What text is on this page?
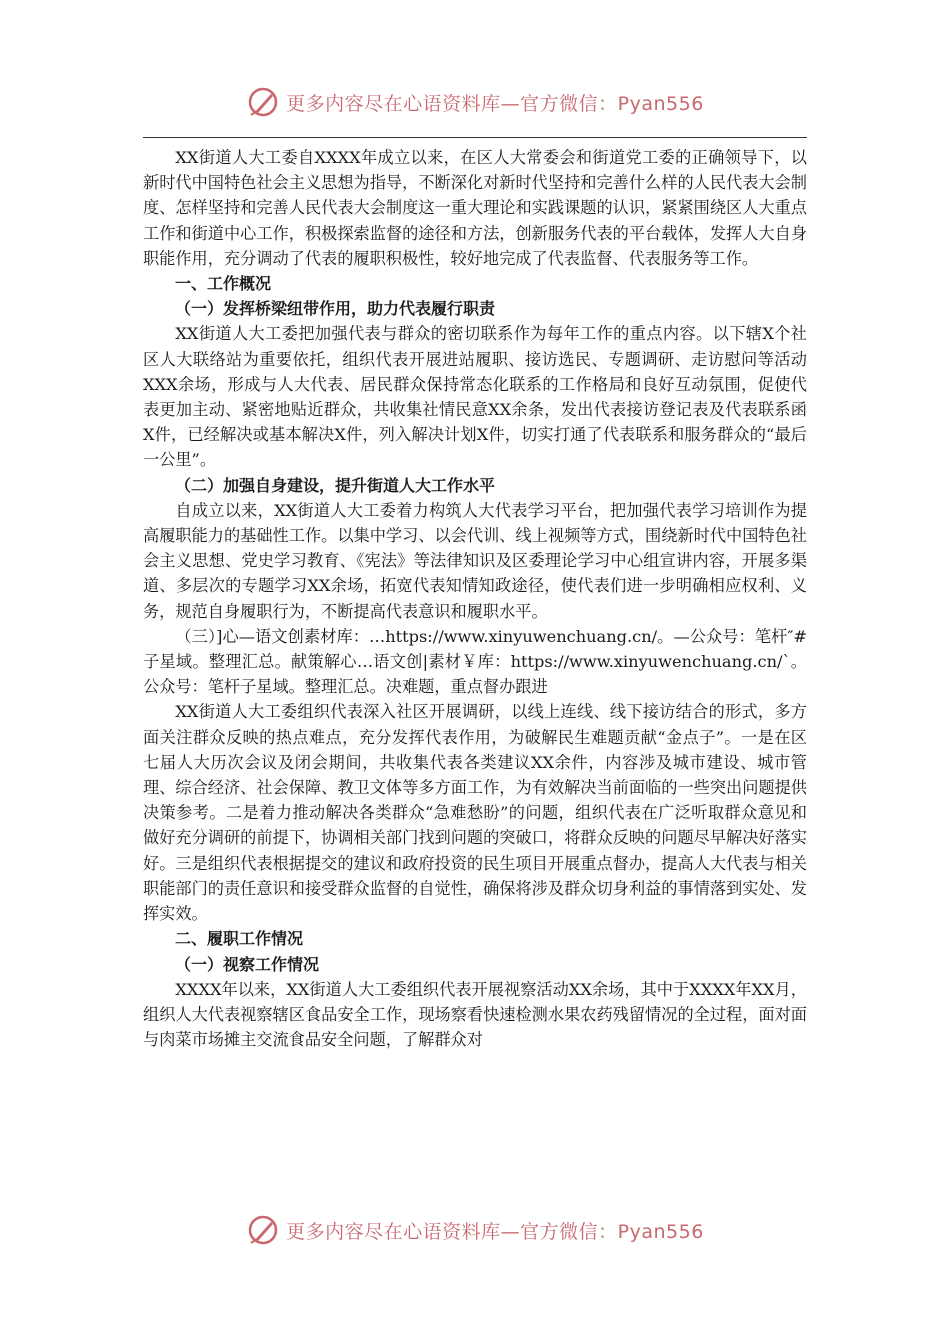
更多内容尽在心语资料库—官方微信：Pyan556

XX街道人大工委自XXXX年成立以来，在区人大常委会和街道党工委的正确领导下，以新时代中国特色社会主义思想为指导，不断深化对新时代坚持和完善什么样的人民代表大会制度、怎样坚持和完善人民代表大会制度这一重大理论和实践课题的认识，紧紧围绕区人大重点工作和街道中心工作，积极探索监督的途径和方法，创新服务代表的平台载体，发挥人大自身职能作用，充分调动了代表的履职积极性，较好地完成了代表监督、代表服务等工作。

一、工作概况

（一）发挥桥梁纽带作用，助力代表履行职责

XX街道人大工委把加强代表与群众的密切联系作为每年工作的重点内容。以下辖X个社区人大联络站为重要依托，组织代表开展进站履职、接访选民、专题调研、走访慰问等活动XXX余场，形成与人大代表、居民群众保持常态化联系的工作格局和良好互动氛围，促使代表更加主动、紧密地贴近群众，共收集社情民意XX余条，发出代表接访登记表及代表联系函X件，已经解决或基本解决X件，列入解决计划X件，切实打通了代表联系和服务群众的“最后一公里”。

（二）加强自身建设，提升街道人大工作水平

自成立以来，XX街道人大工委着力构筑人大代表学习平台，把加强代表学习培训作为提高履职能力的基础性工作。以集中学习、以会代训、线上视频等方式，围绕新时代中国特色社会主义思想、党史学习教育、《宪法》等法律知识及区委理论学习中心组宣讲内容，开展多渠道、多层次的专题学习XX余场，拓宽代表知情知政途径，使代表们进一步明确相应权利、义务，规范自身履职行为，不断提高代表意识和履职水平。

（三）]心—语文创素材库：…https://www.xinyuwenchuang.cn/。—公众号：笔杆″#子星域。整理汇总。献策解心…语文创|素材￥库：https://www.xinyuwenchuang.cn/`。公众号：笔杆子星域。整理汇总。决难题，重点督办跟进

XX街道人大工委组织代表深入社区开展调研，以线上连线、线下接访结合的形式，多方面关注群众反映的热点难点，充分发挥代表作用，为破解民生难题贡献“金点子”。一是在区七届人大历次会议及闭会期间，共收集代表各类建议XX余件，内容涉及城市建设、城市管理、综合经济、社会保障、教卫文体等多方面工作，为有效解决当前面临的一些突出问题提供决策参考。二是着力推动解决各类群众“急难愁盼”的问题，组织代表在广泛听取群众意见和做好充分调研的前提下，协调相关部门找到问题的突破口，将群众反映的问题尽早解决好落实好。三是组织代表根据提交的建议和政府投资的民生项目开展重点督办，提高人大代表与相关职能部门的责任意识和接受群众监督的自觉性，确保将涉及群众切身利益的事情落到实处、发挥实效。

二、履职工作情况

（一）视察工作情况

XXXX年以来，XX街道人大工委组织代表开展视察活动XX余场，其中于XXXX年XX月，组织人大代表视察辖区食品安全工作，现场察看快速检测水果农药残留情况的全过程，面对面与肉菜市场摊主交流食品安全问题，了解群众对

更多内容尽在心语资料库—官方微信：Pyan556
